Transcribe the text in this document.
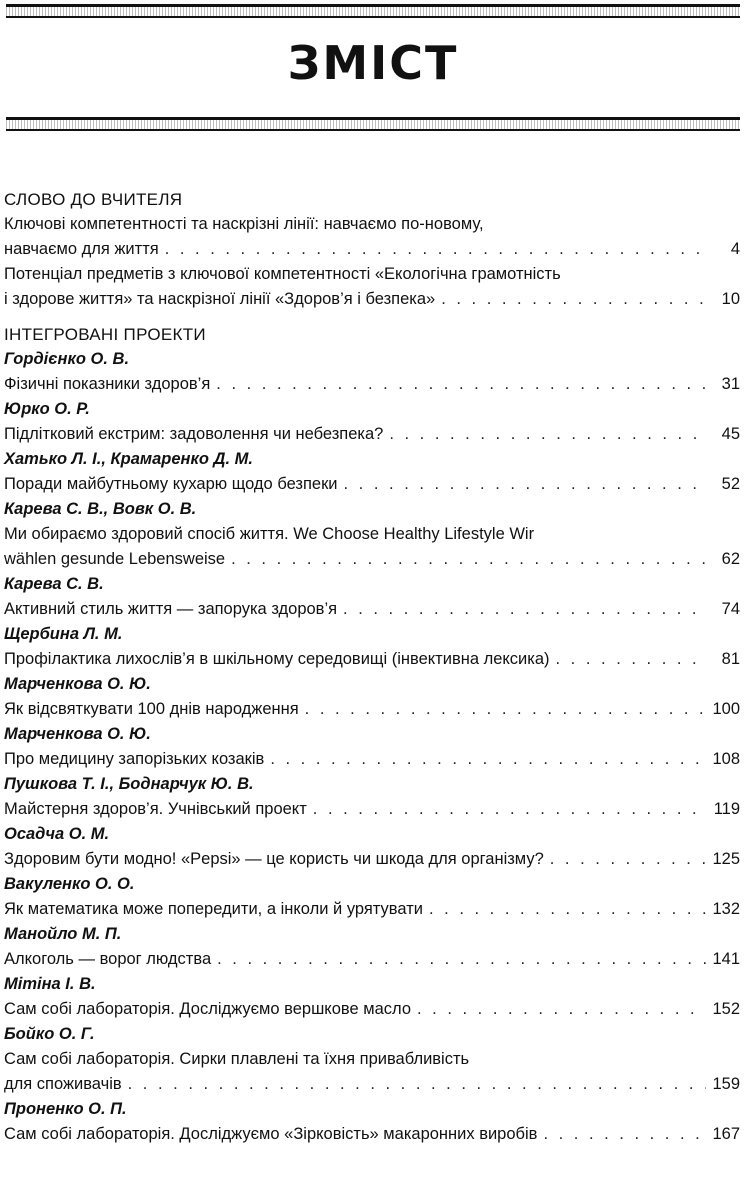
ЗМІСТ
СЛОВО ДО ВЧИТЕЛЯ
Ключові компетентності та наскрізні лінії: навчаємо по-новому,
навчаємо для життя . . .	4
Потенціал предметів з ключової компетентності «Екологічна грамотність
і здорове життя» та наскрізної лінії «Здоров’я і безпека» . . .	10
ІНТЕГРОВАНІ ПРОЕКТИ
Гордієнко О. В.
Фізичні показники здоров’я . . .	31
Юрко О. Р.
Підлітковий екстрим: задоволення чи небезпека? . . .	45
Хатько Л. І., Крамаренко Д. М.
Поради майбутньому кухарю щодо безпеки . . .	52
Карева С. В., Вовк О. В.
Ми обираємо здоровий спосіб життя. We Choose Healthy Lifestyle Wir
wählen gesunde Lebensweise . . .	62
Карева С. В.
Активний стиль життя — запорука здоров’я . . .	74
Щербина Л. М.
Профілактика лихослів’я в шкільному середовищі (інвективна лексика) . . .	81
Марченкова О. Ю.
Як відсвяткувати 100 днів народження . . .	100
Марченкова О. Ю.
Про медицину запорізьких козаків . . .	108
Пушкова Т. І., Боднарчук Ю. В.
Майстерня здоров’я. Учнівський проект . . .	119
Осадча О. М.
Здоровим бути модно! «Pepsi» — це користь чи шкода для організму? . . .	125
Вакуленко О. О.
Як математика може попередити, а інколи й урятувати . . .	132
Манойло М. П.
Алкоголь — ворог людства . . .	141
Мітіна І. В.
Сам собі лабораторія. Досліджуємо вершкове масло . . .	152
Бойко О. Г.
Сам собі лабораторія. Сирки плавлені та їхня привабливість
для споживачів . . .	159
Проненко О. П.
Сам собі лабораторія. Досліджуємо «Зірковість» макаронних виробів . . .	167
